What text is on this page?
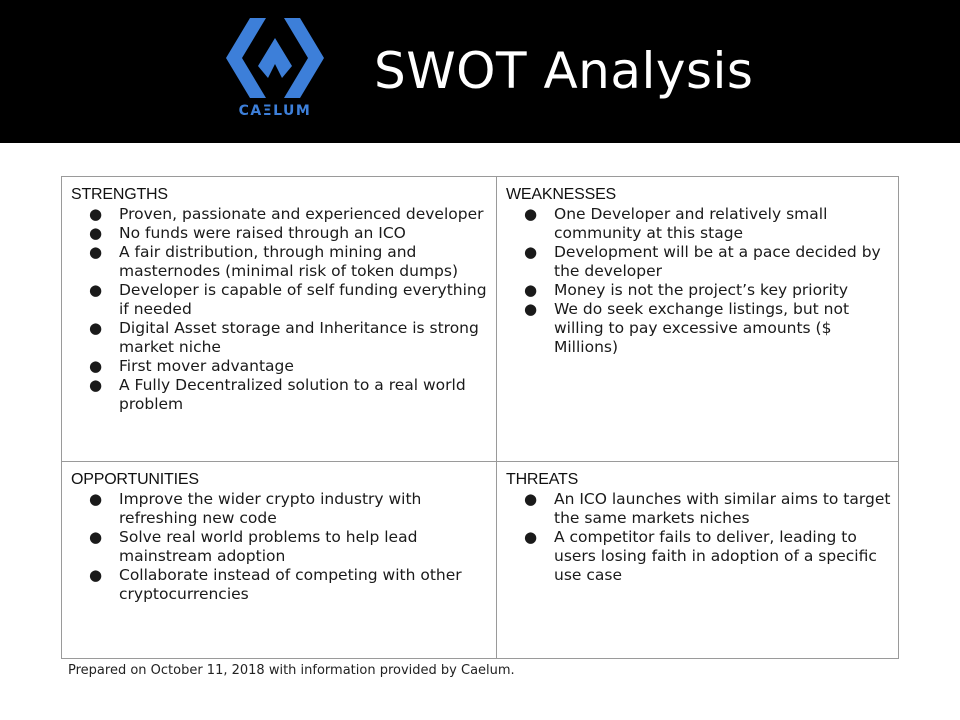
CAΞLUM
SWOT Analysis
STRENGTHS
● Proven, passionate and experienced developer
● No funds were raised through an ICO
● A fair distribution, through mining and masternodes (minimal risk of token dumps)
● Developer is capable of self funding everything if needed
● Digital Asset storage and Inheritance is strong market niche
● First mover advantage
● A Fully Decentralized solution to a real world problem
WEAKNESSES
● One Developer and relatively small community at this stage
● Development will be at a pace decided by the developer
● Money is not the project’s key priority
● We do seek exchange listings, but not willing to pay excessive amounts ($ Millions)
OPPORTUNITIES
● Improve the wider crypto industry with refreshing new code
● Solve real world problems to help lead mainstream adoption
● Collaborate instead of competing with other cryptocurrencies
THREATS
● An ICO launches with similar aims to target the same markets niches
● A competitor fails to deliver, leading to users losing faith in adoption of a specific use case
Prepared on October 11, 2018 with information provided by Caelum.
